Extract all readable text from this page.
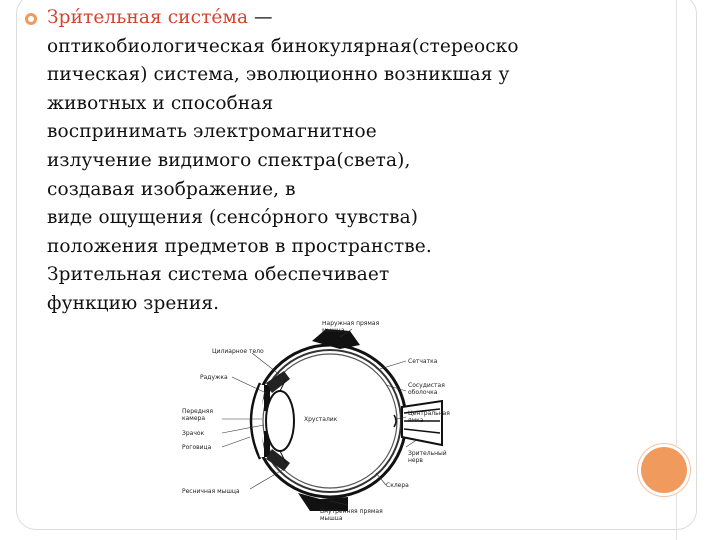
Зри́тельная систе́ма —
оптикобиологическая бинокулярная(стереоско
пическая) система, эволюционно возникшая у
животных и способная
воспринимать электромагнитное
излучение видимого спектра(света),
создавая изображение, в
виде ощущения (сенсо́рного чувства)
положения предметов в пространстве.
Зрительная система обеспечивает
функцию зрения.
Наружная прямая мышца
Цилиарное тело
Радужка
Передняя камера
Зрачок
Роговица
Ресничная мышца
Сетчатка
Сосудистая оболочка
Центральная ямка
Хрусталик
Зрительный нерв
Склера
Внутренняя прямая мышца
